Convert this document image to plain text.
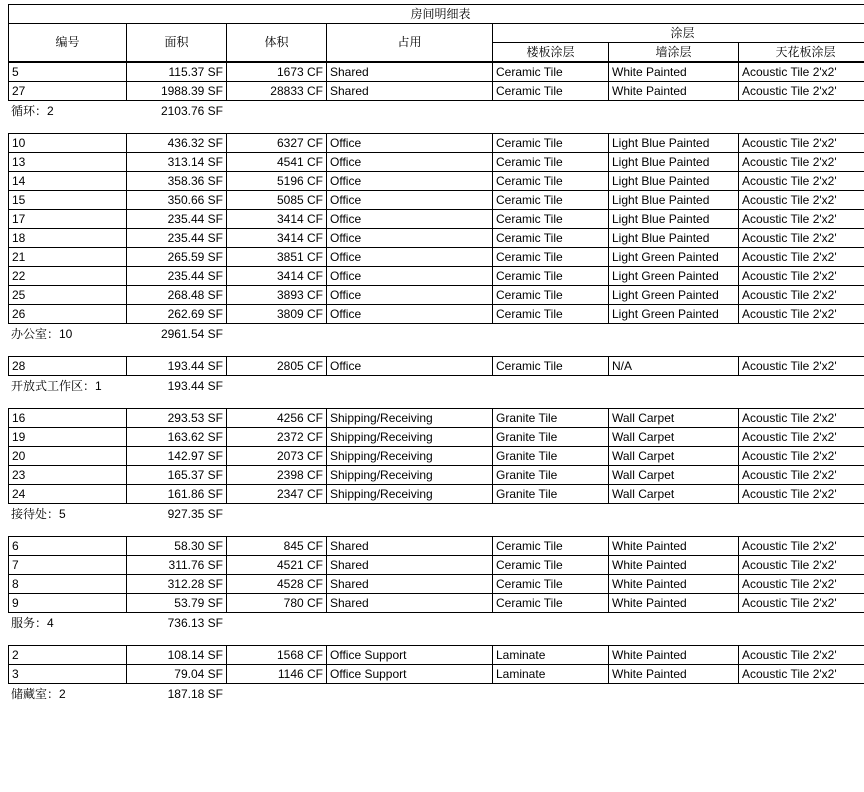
房间明细表						
编号	面积	体积	占用	涂层		
				楼板涂层	墙涂层	天花板涂层
5	115.37 SF	1673 CF	Shared	Ceramic Tile	White Painted	Acoustic Tile 2'x2'
27	1988.39 SF	28833 CF	Shared	Ceramic Tile	White Painted	Acoustic Tile 2'x2'
循环：2	2103.76 SF					
10	436.32 SF	6327 CF	Office	Ceramic Tile	Light Blue Painted	Acoustic Tile 2'x2'
13	313.14 SF	4541 CF	Office	Ceramic Tile	Light Blue Painted	Acoustic Tile 2'x2'
14	358.36 SF	5196 CF	Office	Ceramic Tile	Light Blue Painted	Acoustic Tile 2'x2'
15	350.66 SF	5085 CF	Office	Ceramic Tile	Light Blue Painted	Acoustic Tile 2'x2'
17	235.44 SF	3414 CF	Office	Ceramic Tile	Light Blue Painted	Acoustic Tile 2'x2'
18	235.44 SF	3414 CF	Office	Ceramic Tile	Light Blue Painted	Acoustic Tile 2'x2'
21	265.59 SF	3851 CF	Office	Ceramic Tile	Light Green Painted	Acoustic Tile 2'x2'
22	235.44 SF	3414 CF	Office	Ceramic Tile	Light Green Painted	Acoustic Tile 2'x2'
25	268.48 SF	3893 CF	Office	Ceramic Tile	Light Green Painted	Acoustic Tile 2'x2'
26	262.69 SF	3809 CF	Office	Ceramic Tile	Light Green Painted	Acoustic Tile 2'x2'
办公室：10	2961.54 SF					
28	193.44 SF	2805 CF	Office	Ceramic Tile	N/A	Acoustic Tile 2'x2'
开放式工作区：1	193.44 SF					
16	293.53 SF	4256 CF	Shipping/Receiving	Granite Tile	Wall Carpet	Acoustic Tile 2'x2'
19	163.62 SF	2372 CF	Shipping/Receiving	Granite Tile	Wall Carpet	Acoustic Tile 2'x2'
20	142.97 SF	2073 CF	Shipping/Receiving	Granite Tile	Wall Carpet	Acoustic Tile 2'x2'
23	165.37 SF	2398 CF	Shipping/Receiving	Granite Tile	Wall Carpet	Acoustic Tile 2'x2'
24	161.86 SF	2347 CF	Shipping/Receiving	Granite Tile	Wall Carpet	Acoustic Tile 2'x2'
接待处：5	927.35 SF					
6	58.30 SF	845 CF	Shared	Ceramic Tile	White Painted	Acoustic Tile 2'x2'
7	311.76 SF	4521 CF	Shared	Ceramic Tile	White Painted	Acoustic Tile 2'x2'
8	312.28 SF	4528 CF	Shared	Ceramic Tile	White Painted	Acoustic Tile 2'x2'
9	53.79 SF	780 CF	Shared	Ceramic Tile	White Painted	Acoustic Tile 2'x2'
服务：4	736.13 SF					
2	108.14 SF	1568 CF	Office Support	Laminate	White Painted	Acoustic Tile 2'x2'
3	79.04 SF	1146 CF	Office Support	Laminate	White Painted	Acoustic Tile 2'x2'
储藏室：2	187.18 SF					
